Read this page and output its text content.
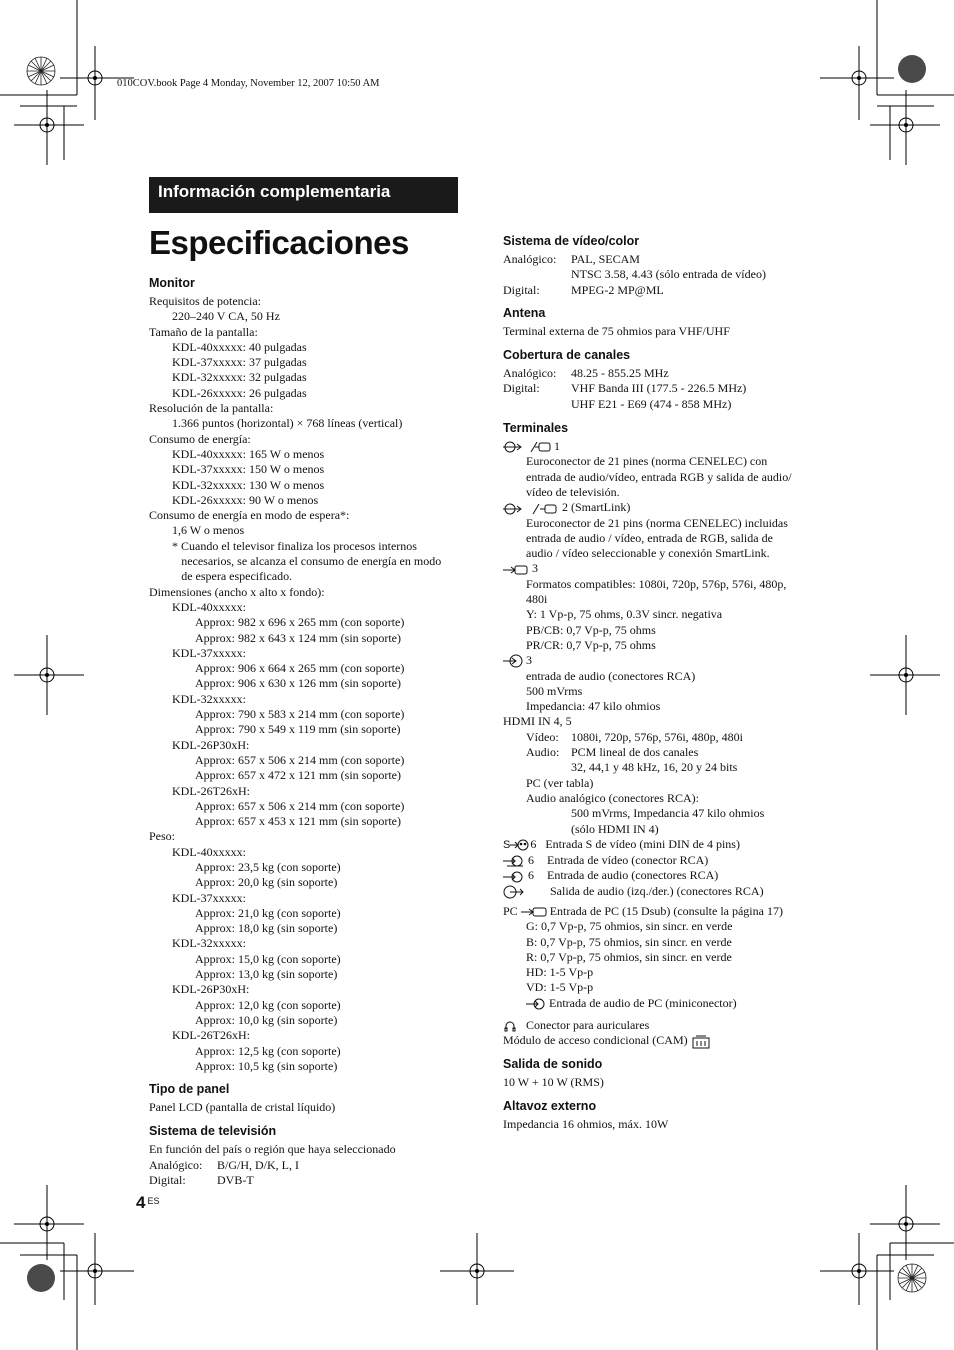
010COV.book Page 4 Monday, November 12, 2007 10:50 AM
Información complementaria
Especificaciones
Monitor
Requisitos de potencia:
220–240 V CA, 50 Hz
Tamaño de la pantalla:
KDL-40xxxxx: 40 pulgadas
KDL-37xxxxx: 37 pulgadas
KDL-32xxxxx: 32 pulgadas
KDL-26xxxxx: 26 pulgadas
Resolución de la pantalla:
1.366 puntos (horizontal) × 768 líneas (vertical)
Consumo de energía:
KDL-40xxxxx: 165 W o menos
KDL-37xxxxx: 150 W o menos
KDL-32xxxxx: 130 W o menos
KDL-26xxxxx: 90 W o menos
Consumo de energía en modo de espera*:
1,6 W o menos
* Cuando el televisor finaliza los procesos internos
necesarios, se alcanza el consumo de energía en modo
de espera especificado.
Dimensiones (ancho x alto x fondo):
KDL-40xxxxx:
Approx: 982 x 696 x 265 mm (con soporte)
Approx: 982 x 643 x 124 mm (sin soporte)
KDL-37xxxxx:
Approx: 906 x 664 x 265 mm (con soporte)
Approx: 906 x 630 x 126 mm (sin soporte)
KDL-32xxxxx:
Approx: 790 x 583 x 214 mm (con soporte)
Approx: 790 x 549 x 119 mm (sin soporte)
KDL-26P30xH:
Approx: 657 x 506 x 214 mm (con soporte)
Approx: 657 x 472 x 121 mm (sin soporte)
KDL-26T26xH:
Approx: 657 x 506 x 214 mm (con soporte)
Approx: 657 x 453 x 121 mm (sin soporte)
Peso:
KDL-40xxxxx:
Approx: 23,5 kg (con soporte)
Approx: 20,0 kg (sin soporte)
KDL-37xxxxx:
Approx: 21,0 kg (con soporte)
Approx: 18,0 kg (sin soporte)
KDL-32xxxxx:
Approx: 15,0 kg (con soporte)
Approx: 13,0 kg (sin soporte)
KDL-26P30xH:
Approx: 12,0 kg (con soporte)
Approx: 10,0 kg (sin soporte)
KDL-26T26xH:
Approx: 12,5 kg (con soporte)
Approx: 10,5 kg (sin soporte)
Tipo de panel
Panel LCD (pantalla de cristal líquido)
Sistema de televisión
En función del país o región que haya seleccionado
Analógico: B/G/H, D/K, L, I
Digital:	DVB-T
Sistema de vídeo/color
Analógico: PAL, SECAM
NTSC 3.58, 4.43 (sólo entrada de vídeo)
Digital:	MPEG-2 MP@ML
Antena
Terminal externa de 75 ohmios para VHF/UHF
Cobertura de canales
Analógico: 48.25 - 855.25 MHz
Digital:	VHF Banda III (177.5 - 226.5 MHz)
UHF E21 - E69 (474 - 858 MHz)
Terminales
1
Euroconector de 21 pines (norma CENELEC) con
entrada de audio/vídeo, entrada RGB y salida de audio/
vídeo de televisión.
2 (SmartLink)
Euroconector de 21 pins (norma CENELEC) incluidas
entrada de audio / vídeo, entrada de RGB, salida de
audio / vídeo seleccionable y conexión SmartLink.
3
Formatos compatibles: 1080i, 720p, 576p, 576i, 480p,
480i
Y: 1 Vp-p, 75 ohms, 0.3V sincr. negativa
PB/CB: 0,7 Vp-p, 75 ohms
PR/CR: 0,7 Vp-p, 75 ohms
3
entrada de audio (conectores RCA)
500 mVrms
Impedancia: 47 kilo ohmios
HDMI IN 4, 5
Vídeo: 1080i, 720p, 576p, 576i, 480p, 480i
Audio: PCM lineal de dos canales
32, 44,1 y 48 kHz, 16, 20 y 24 bits
PC (ver tabla)
Audio analógico (conectores RCA):
500 mVrms, Impedancia 47 kilo ohmios
(sólo HDMI IN 4)
S 6 Entrada S de vídeo (mini DIN de 4 pins)
6 Entrada de vídeo (conector RCA)
6 Entrada de audio (conectores RCA)
Salida de audio (izq./der.) (conectores RCA)
PC	Entrada de PC (15 Dsub) (consulte la página 17)
G: 0,7 Vp-p, 75 ohmios, sin sincr. en verde
B: 0,7 Vp-p, 75 ohmios, sin sincr. en verde
R: 0,7 Vp-p, 75 ohmios, sin sincr. en verde
HD: 1-5 Vp-p
VD: 1-5 Vp-p
Entrada de audio de PC (miniconector)
Conector para auriculares
Módulo de acceso condicional (CAM)
Salida de sonido
10 W + 10 W (RMS)
Altavoz externo
Impedancia 16 ohmios, máx. 10W
4 $^{ES}$
